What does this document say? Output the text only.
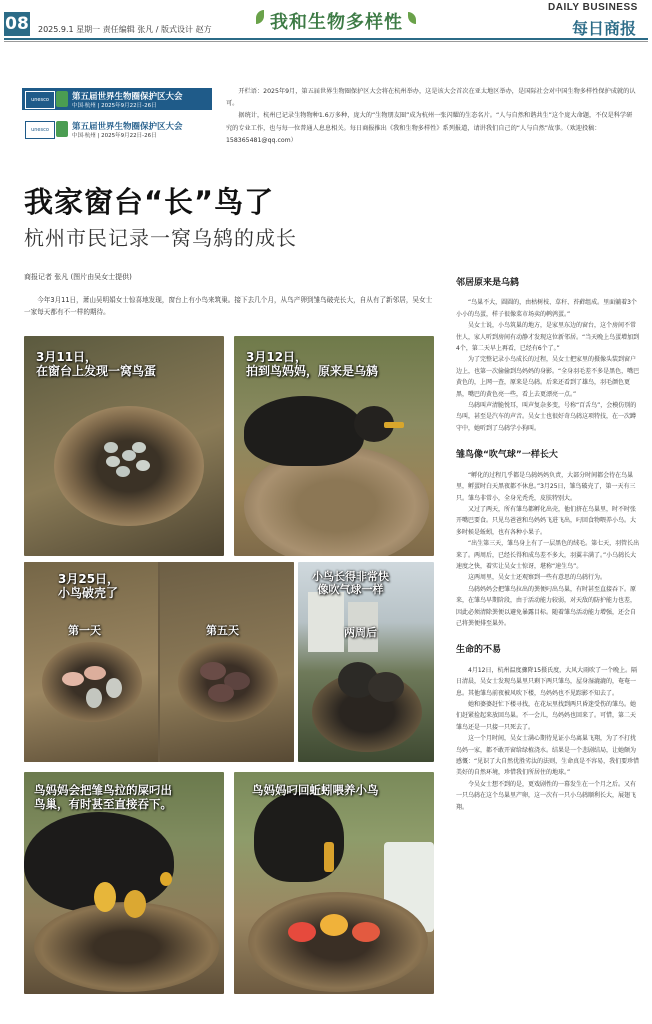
08 2025.9.1 星期一 责任编辑 张凡 / 版式设计 赵方	我和生物多样性
DAILY BUSINESS
每日商报
unesco	第五届世界生物圈保护区大会
中国·杭州 | 2025年9月22日-26日
unesco	第五届世界生物圈保护区大会
中国·杭州 | 2025年9月22日-26日

开栏语：2025年9月，第五届世界生物圈保护区大会将在杭州举办，这是该大会首次在亚太地区举办，是国际社会对中国生物多样性保护成就的认可。

据统计，杭州已记录生物物种1.6万多种，庞大的“生物朋友圈”成为杭州一张闪耀的生态名片。“人与自然和谐共生”这个庞大命题，不仅是科学研究的专业工作，也与每一位普通人息息相关。每日商报推出《我和生物多样性》系列报道，请讲我们自己的“人与自然”故事。（欢迎投稿：158365481@qq.com）

我家窗台“长”鸟了
杭州市民记录一窝乌鸫的成长
商报记者 张凡 (图片由吴女士提供)
今年3月11日，萧山吴明娟女士惊喜地发现，窗台上有小鸟来筑巢。接下去几个月，从鸟产卵到雏鸟破壳长大，自从有了新邻居，吴女士一家每天都有不一样的期待。
3月11日，
在窗台上发现一窝鸟蛋
3月12日，
拍到鸟妈妈，原来是乌鸫
3月25日，
小鸟破壳了
第一天	第五天
小鸟长得非常快
像吹气球一样
两周后
鸟妈妈会把雏鸟拉的屎叼出
鸟巢，有时甚至直接吞下。
鸟妈妈叼回蚯蚓喂养小鸟
邻居原来是乌鸫

“鸟巢不大，圆圆的，由枯树枝、草秆、苔藓组成。里面躺着3个小小的鸟蛋，样子很像菜市场卖的鹌鹑蛋。”

吴女士说，小鸟筑巢的地方，是家里东边的窗台，这个房间不常住人，家人听到房间有动静才发现这位新邻居。“当天晚上鸟蛋增加到4个，第二天早上再看，已经有6个了。”

为了完整记录小鸟成长的过程，吴女士把家里的摄像头装到窗户边上，也第一次偷偷到鸟妈妈的身影。“全身羽毛差不多是黑色，嘴巴黄色的，上网一查，原来是乌鸫。后来还看到了雄鸟，羽毛颜色更黑，嘴巴的黄色亮一些，看上去更漂亮一点。”

乌鸫叫声清脆悦耳，叫声复杂多变，号称“百舌鸟”，会模仿别的鸟叫，甚至是汽车的声音。吴女士也很好奇乌鸫这项特技，在一次蹲守中，她听到了乌鸫学小狗叫。

雏鸟像“吹气球”一样长大

“孵化的过程几乎都是乌鸫妈妈负责，大部分时间都会待在鸟巢里，孵蛋时白天黑夜都不休息。”3月25日，雏鸟破壳了，第一天有三只。雏鸟非常小，全身光秃秃，皮肤特别大。

又过了两天，所有雏鸟都孵化出壳，他们挤在鸟巢里，时不时张开嘴巴要食。只见鸟爸爸和鸟妈妈飞进飞出，叼回食物喂养小鸟。大多时候是蚯蚓，也有各种小果子。

“出生第三天，雏鸟身上有了一层黑色的绒毛。第七天，羽管长出来了。两周后，已经长得和成鸟差不多大，羽翼丰满了。”小乌鸫长大速度之快，着实让吴女士惊讶，堪称“速生鸟”。

这两周里，吴女士还观察到一些有意思的乌鸫行为。

乌鸫妈妈会把雏鸟拉出的粪便叼出鸟巢，有时甚至直接吞下。原来，在雏鸟早期阶段，由于活动能力较弱，对天敌的防护能力也差，因此必须清除粪便以避免暴露目标。随着雏鸟活动能力增强，还会自己将粪便排至巢外。

生命的不易

4月12日，杭州温度骤降15摄氏度，大风大雨吹了一个晚上。隔日清晨，吴女士发现鸟巢里只剩下两只雏鸟，屋身湿漉漉的，奄奄一息。其他雏鸟前夜被风吹下楼，鸟妈妈也不见踪影不知去了。

她和婆婆赶忙下楼寻找，在花坛里找到两只昏迷受伤的雏鸟。她们赶紧捡起来放回鸟巢。不一会儿，鸟妈妈也回来了。可惜，第二天雏鸟还是一只接一只死去了。

这一个月时间，吴女士满心期待见证小鸟离巢飞翔，为了不打扰鸟妈一家，都不敢开窗给绿植浇水。结果是一个悲剧结局，让她颇为感慨：“见识了大自然优胜劣汰的法则，生命真是不容易，我们要珍惜美好的自然环境，珍惜我们所居住的地球。”

令吴女士想不到的是，更戏剧性的一幕发生在一个月之后。又有一只乌鸫在这个鸟巢里产卵，这一次有一只小乌鸫顺利长大，展翅飞翔。
